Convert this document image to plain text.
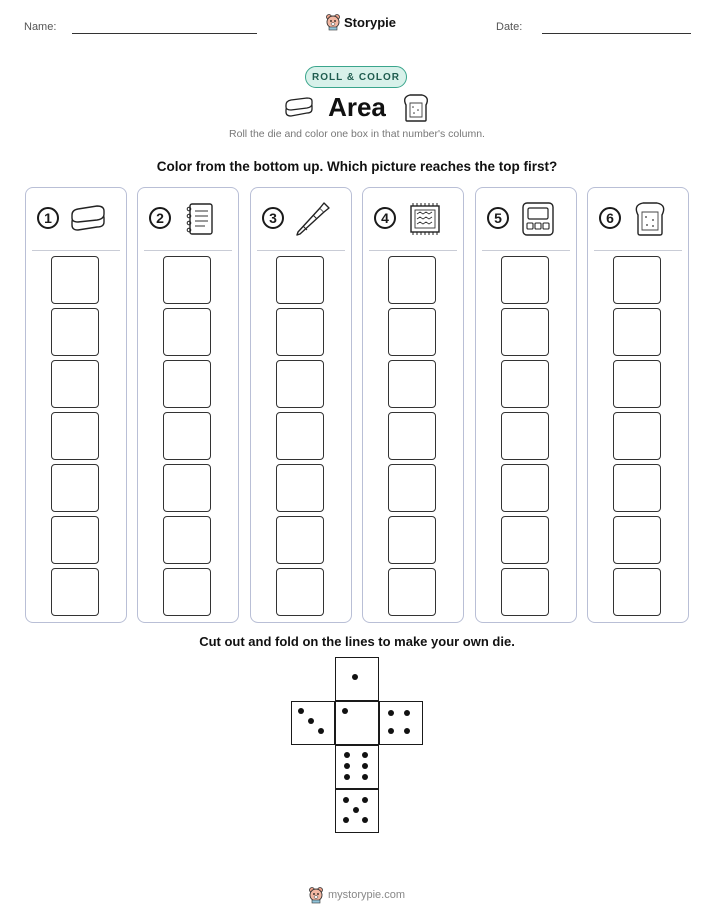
Name:	Storypie	Date:
ROLL & COLOR
Area
Roll the die and color one box in that number's column.
Color from the bottom up. Which picture reaches the top first?
1	2	3	4	5	6
Cut out and fold on the lines to make your own die.
mystorypie.com
